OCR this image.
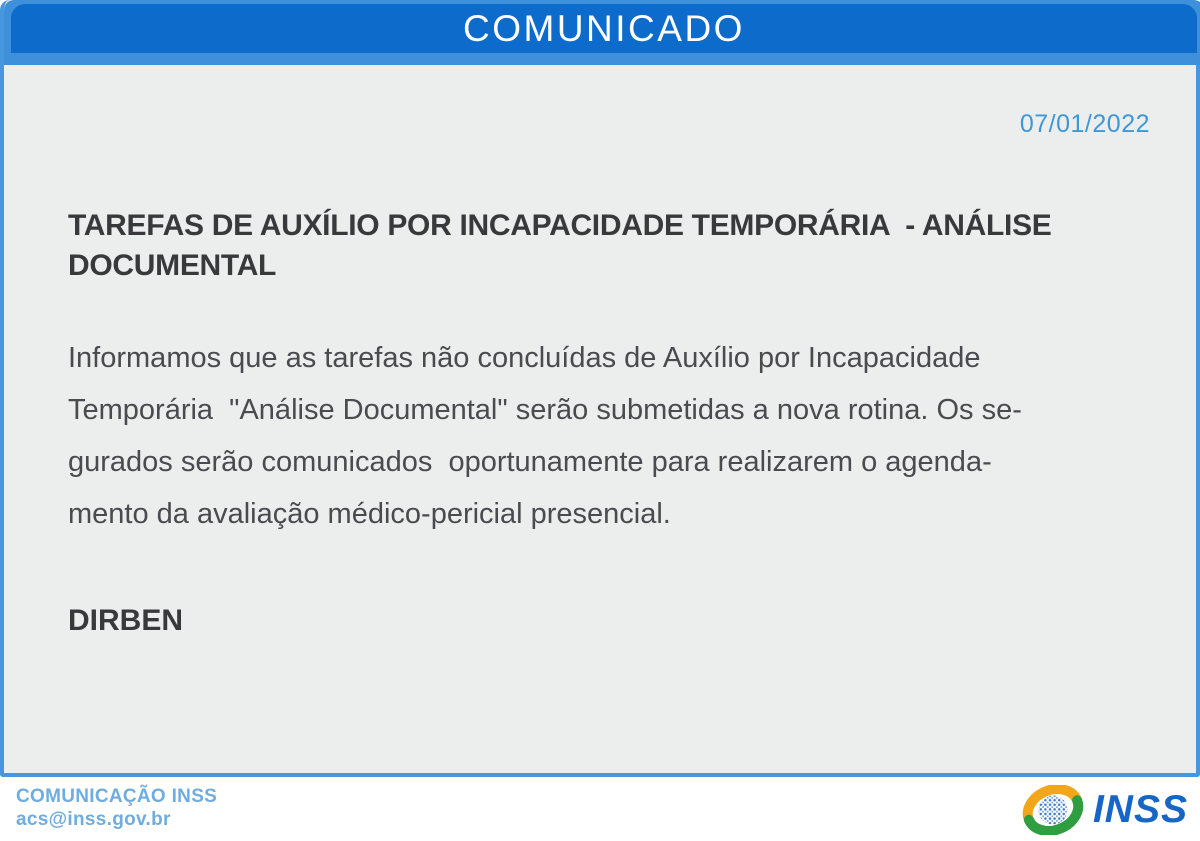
COMUNICADO
07/01/2022
TAREFAS DE AUXÍLIO POR INCAPACIDADE TEMPORÁRIA  - ANÁLISE
DOCUMENTAL
Informamos que as tarefas não concluídas de Auxílio por Incapacidade
Temporária  "Análise Documental" serão submetidas a nova rotina. Os se-
gurados serão comunicados  oportunamente para realizarem o agenda-
mento da avaliação médico-pericial presencial.
DIRBEN
COMUNICAÇÃO INSS
acs@inss.gov.br	INSS
